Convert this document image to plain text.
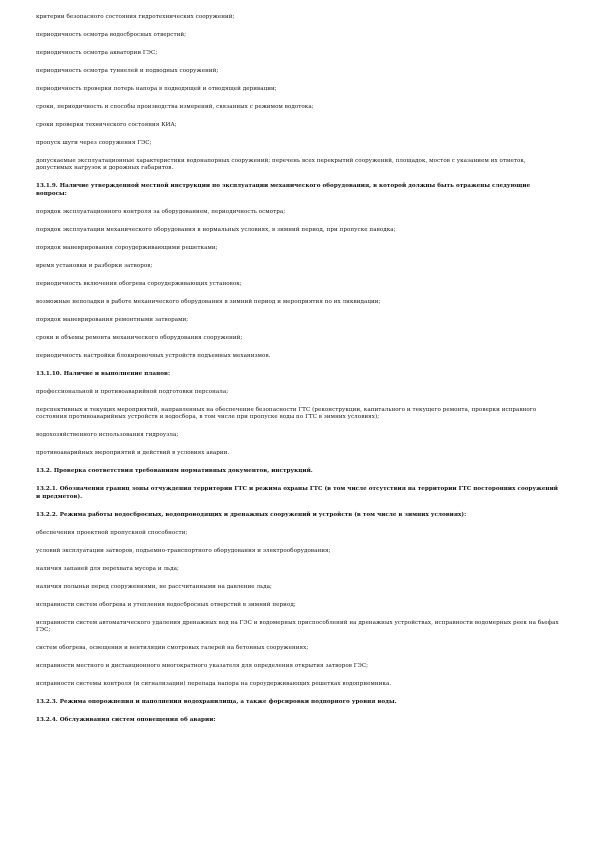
критерии безопасного состояния гидротехнических сооружений;

периодичность осмотра водосбросных отверстий;

периодичность осмотра акватории ГЭС;

периодичность осмотра туннелей и подводных сооружений;

периодичность проверки потерь напора в подводящей и отводящей деривации;

сроки, периодичность и способы производства измерений, связанных с режимом водотока;

сроки проверки технического состояния КИА;

пропуск шуги через сооружения ГЭС;

допускаемые эксплуатационные характеристики водонапорных сооружений; перечень всех перекрытий сооружений, площадок, мостов с указанием их отметок, допустимых нагрузок и дорожных габаритов.

13.1.9. Наличие утвержденной местной инструкции по эксплуатации механического оборудования, в которой должны быть отражены следующие вопросы:

порядок эксплуатационного контроля за оборудованием, периодичность осмотра;

порядок эксплуатации механического оборудования в нормальных условиях, в зимний период, при пропуске паводка;

порядок маневрирования сороудерживающими решетками;

время установки и разборки затворов;

периодичность включения обогрева сороудерживающих установок;

возможные неполадки в работе механического оборудования в зимний период и мероприятия по их ликвидации;

порядок маневрирования ремонтными затворами;

сроки и объемы ремонта механического оборудования сооружений;

периодичность настройки блокировочных устройств подъемных механизмов.

13.1.10. Наличие и выполнение планов:

профессиональной и противоаварийной подготовки персонала;

перспективных и текущих мероприятий, направленных на обеспечение безопасности ГТС (реконструкции, капитального и текущего ремонта, проверки исправного состояния противоаварийных устройств и водосбора, в том числе при пропуске воды по ГТС в зимних условиях);

водохозяйственного использования гидроузла;

противоаварийных мероприятий и действий в условиях аварии.

13.2. Проверка соответствия требованиям нормативных документов, инструкций.

13.2.1. Обозначения границ зоны отчуждения территории ГТС и режима охраны ГТС (в том числе отсутствия на территории ГТС посторонних сооружений и предметов).

13.2.2. Режима работы водосбросных, водопроводящих и дренажных сооружений и устройств (в том числе в зимних условиях):

обеспечения проектной пропускной способности;

условий эксплуатации затворов, подъемно-транспортного оборудования и электрооборудования;

наличия запаней для перехвата мусора и льда;

наличия полыньи перед сооружениями, не рассчитанными на давление льда;

исправности систем обогрева и утепления водосбросных отверстий в зимний период;

исправности систем автоматического удаления дренажных вод на ГЭС и водомерных приспособлений на дренажных устройствах, исправности водомерных реек на бьефах ГЭС;

систем обогрева, освещения и вентиляции смотровых галерей на бетонных сооружениях;

исправности местного и дистанционного многократного указателя для определения открытия затворов ГЭС;

исправности системы контроля (и сигнализации) перепада напора на сороудерживающих решетках водоприемника.

13.2.3. Режима опорожнения и наполнения водохранилища, а также форсировки подпорного уровня воды.

13.2.4. Обслуживания систем оповещения об аварии:
